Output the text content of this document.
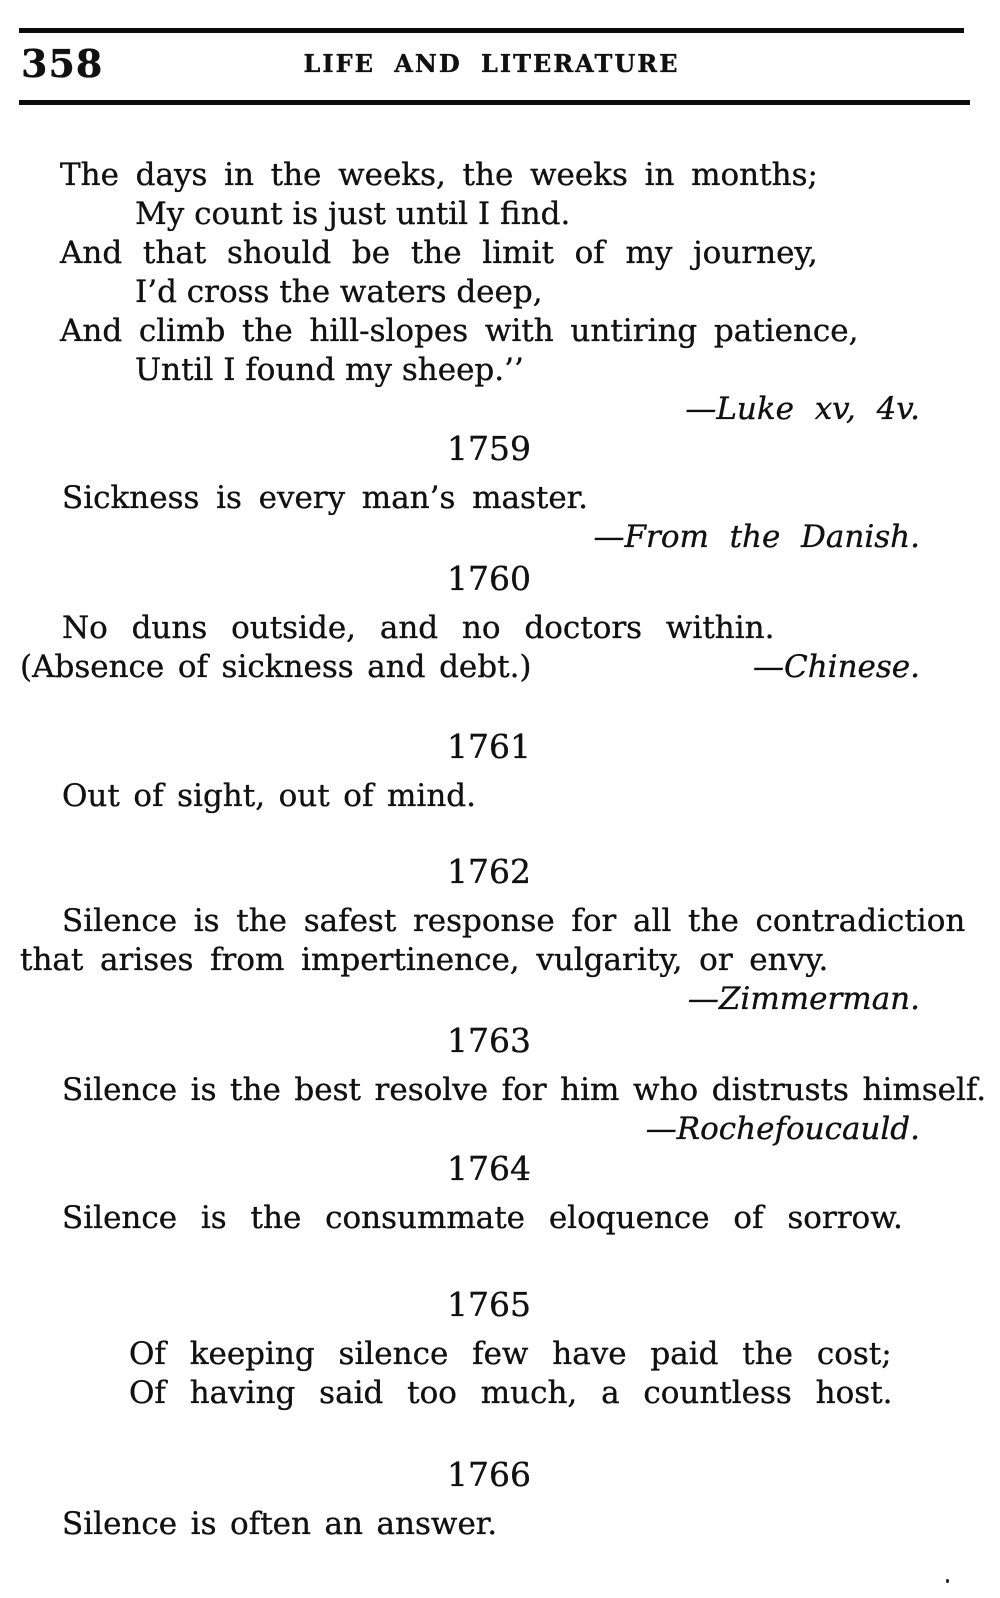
358	LIFE AND LITERATURE
The days in the weeks, the weeks in months;
My count is just until I find.
And that should be the limit of my journey,
I’d cross the waters deep,
And climb the hill-slopes with untiring patience,
Until I found my sheep.’’
—Luke xv, 4v.
1759
Sickness is every man’s master.
—From the Danish.
1760
No duns outside, and no doctors within.
(Absence of sickness and debt.)	—Chinese.
1761
Out of sight, out of mind.
1762
Silence is the safest response for all the contradiction
that arises from impertinence, vulgarity, or envy.
—Zimmerman.
1763
Silence is the best resolve for him who distrusts himself.
—Rochefoucauld.
1764
Silence is the consummate eloquence of sorrow.
1765
Of keeping silence few have paid the cost;
Of having said too much, a countless host.
1766
Silence is often an answer.
